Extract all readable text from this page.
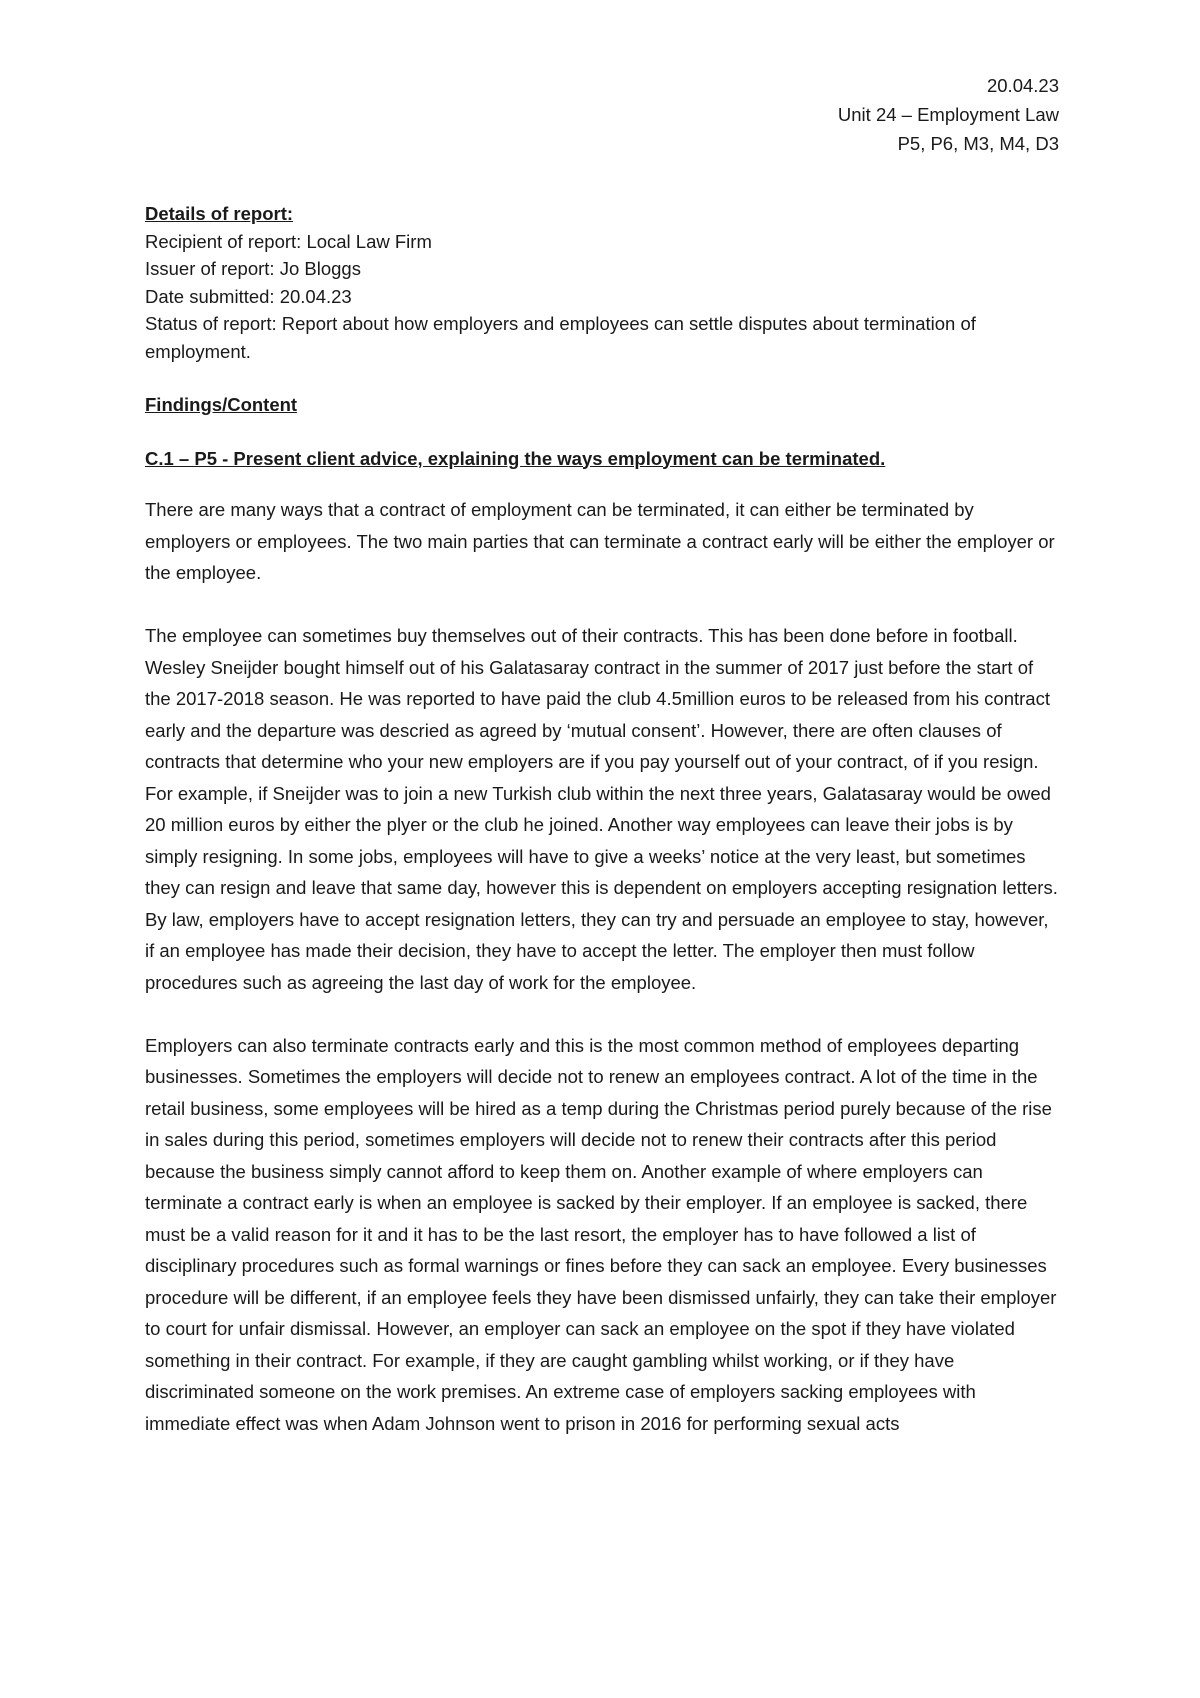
20.04.23
Unit 24 – Employment Law
P5, P6, M3, M4, D3

Details of report:

Recipient of report: Local Law Firm

Issuer of report: Jo Bloggs

Date submitted: 20.04.23

Status of report: Report about how employers and employees can settle disputes about termination of employment.

Findings/Content
C.1 – P5 - Present client advice, explaining the ways employment can be terminated.

There are many ways that a contract of employment can be terminated, it can either be terminated by employers or employees. The two main parties that can terminate a contract early will be either the employer or the employee.

The employee can sometimes buy themselves out of their contracts. This has been done before in football. Wesley Sneijder bought himself out of his Galatasaray contract in the summer of 2017 just before the start of the 2017-2018 season. He was reported to have paid the club 4.5million euros to be released from his contract early and the departure was descried as agreed by ‘mutual consent’. However, there are often clauses of contracts that determine who your new employers are if you pay yourself out of your contract, of if you resign. For example, if Sneijder was to join a new Turkish club within the next three years, Galatasaray would be owed 20 million euros by either the plyer or the club he joined. Another way employees can leave their jobs is by simply resigning. In some jobs, employees will have to give a weeks’ notice at the very least, but sometimes they can resign and leave that same day, however this is dependent on employers accepting resignation letters. By law, employers have to accept resignation letters, they can try and persuade an employee to stay, however, if an employee has made their decision, they have to accept the letter. The employer then must follow procedures such as agreeing the last day of work for the employee.

Employers can also terminate contracts early and this is the most common method of employees departing businesses. Sometimes the employers will decide not to renew an employees contract. A lot of the time in the retail business, some employees will be hired as a temp during the Christmas period purely because of the rise in sales during this period, sometimes employers will decide not to renew their contracts after this period because the business simply cannot afford to keep them on. Another example of where employers can terminate a contract early is when an employee is sacked by their employer. If an employee is sacked, there must be a valid reason for it and it has to be the last resort, the employer has to have followed a list of disciplinary procedures such as formal warnings or fines before they can sack an employee. Every businesses procedure will be different, if an employee feels they have been dismissed unfairly, they can take their employer to court for unfair dismissal. However, an employer can sack an employee on the spot if they have violated something in their contract. For example, if they are caught gambling whilst working, or if they have discriminated someone on the work premises. An extreme case of employers sacking employees with immediate effect was when Adam Johnson went to prison in 2016 for performing sexual acts
